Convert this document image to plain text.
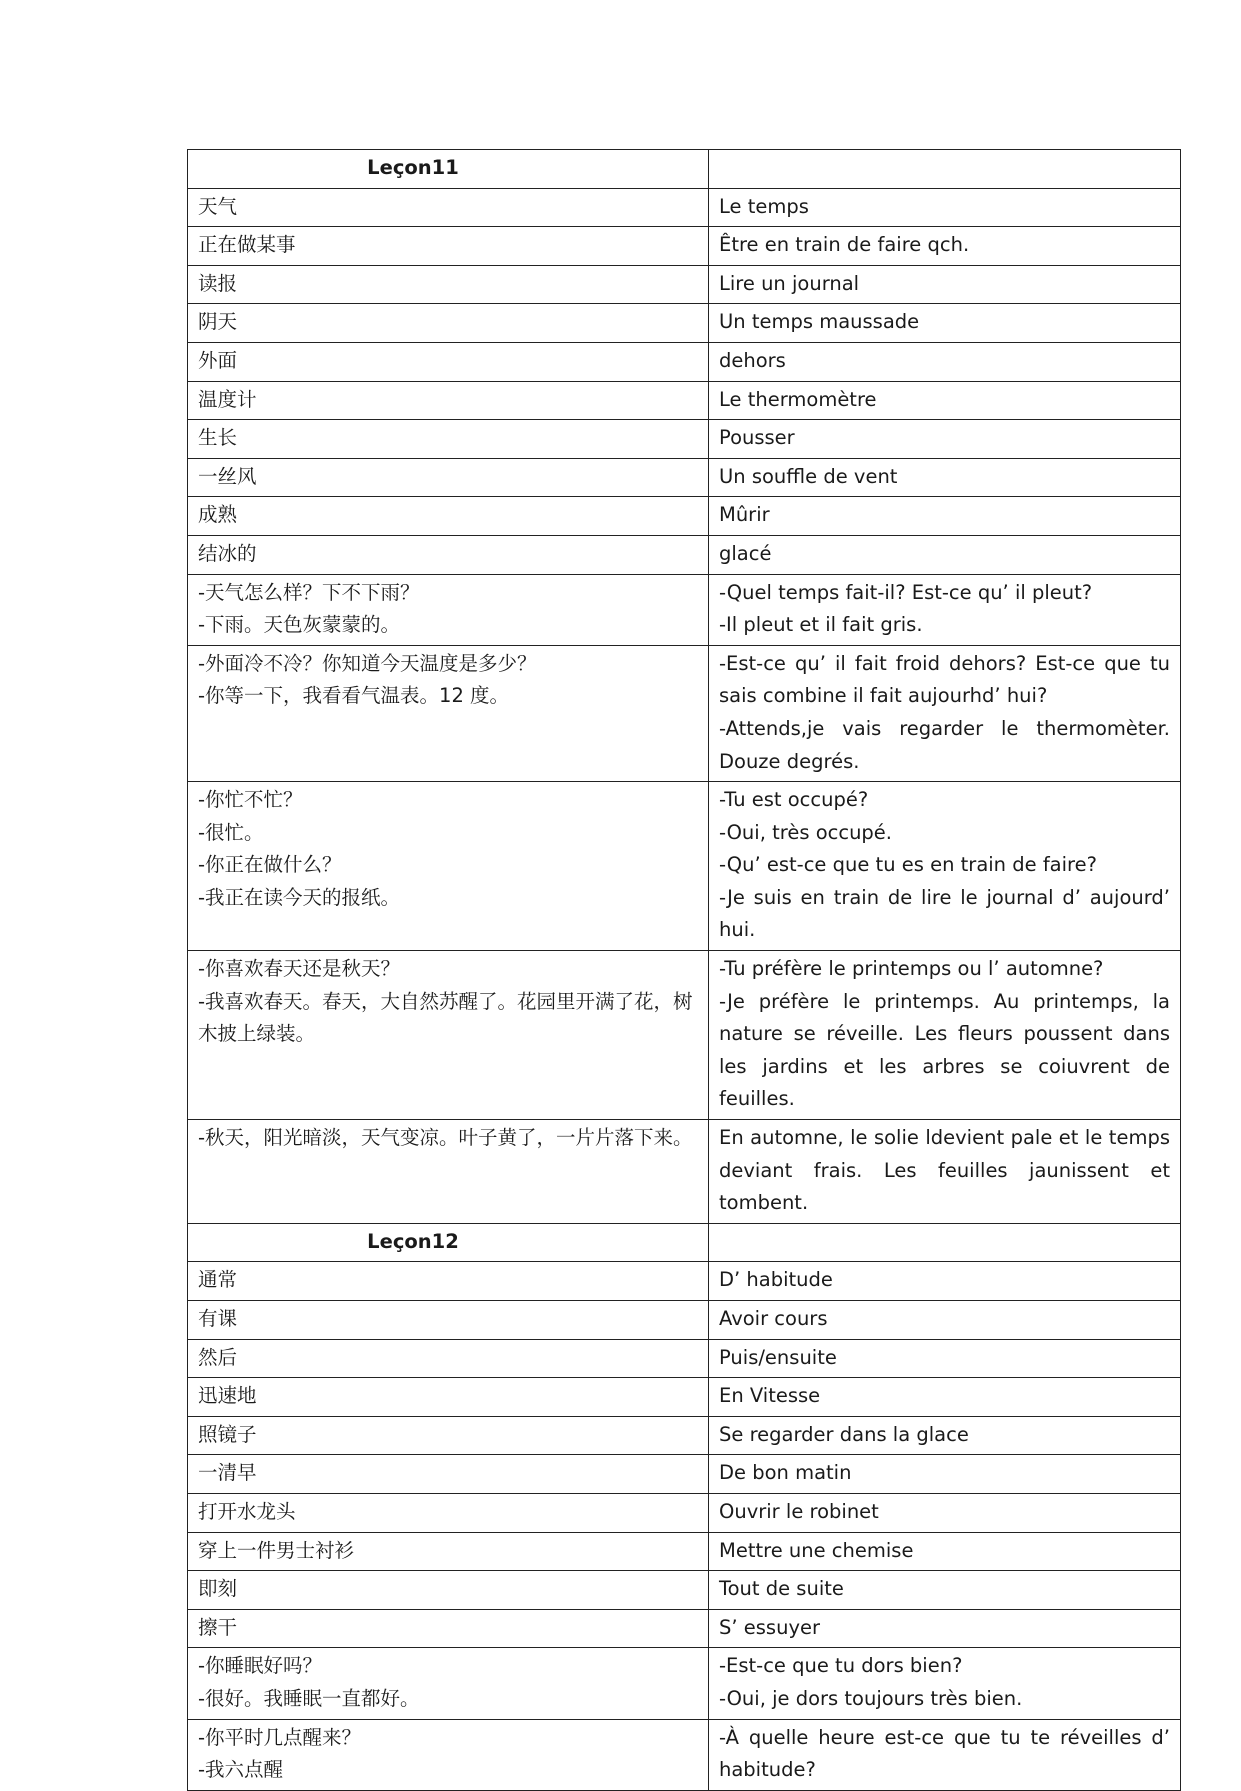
Leçon11	

天气	Le temps

正在做某事	Être en train de faire qch.

读报	Lire un journal

阴天	Un temps maussade

外面	dehors

温度计	Le thermomètre

生长	Pousser

一丝风	Un souffle de vent

成熟	Mûrir

结冰的	glacé

-天气怎么样？下不下雨？
-下雨。天色灰蒙蒙的。	-Quel temps fait-il? Est-ce qu’ il pleut?
-Il pleut et il fait gris.

-外面冷不冷？你知道今天温度是多少？
-你等一下，我看看气温表。12 度。	-Est-ce qu’ il fait froid dehors? Est-ce que tu sais combine il fait aujourhd’ hui?
-Attends,je vais regarder le thermomèter. Douze degrés.

-你忙不忙？
-很忙。
-你正在做什么？
-我正在读今天的报纸。	-Tu est occupé?
-Oui, très occupé.
-Qu’ est-ce que tu es en train de faire?
-Je suis en train de lire le journal d’ aujourd’ hui.

-你喜欢春天还是秋天？
-我喜欢春天。春天，大自然苏醒了。花园里开满了花，树木披上绿装。	-Tu préfère le printemps ou l’ automne?
-Je préfère le printemps. Au printemps, la nature se réveille. Les fleurs poussent dans les jardins et les arbres se coiuvrent de feuilles.

-秋天，阳光暗淡，天气变凉。叶子黄了，一片片落下来。	En automne, le solie ldevient pale et le temps deviant frais. Les feuilles jaunissent et tombent.

Leçon12	

通常	D’ habitude

有课	Avoir cours

然后	Puis/ensuite

迅速地	En Vitesse

照镜子	Se regarder dans la glace

一清早	De bon matin

打开水龙头	Ouvrir le robinet

穿上一件男士衬衫	Mettre une chemise

即刻	Tout de suite

擦干	S’ essuyer

-你睡眠好吗？
-很好。我睡眠一直都好。	-Est-ce que tu dors bien?
-Oui, je dors toujours très bien.

-你平时几点醒来？
-我六点醒	-À quelle heure est-ce que tu te réveilles d’ habitude?
